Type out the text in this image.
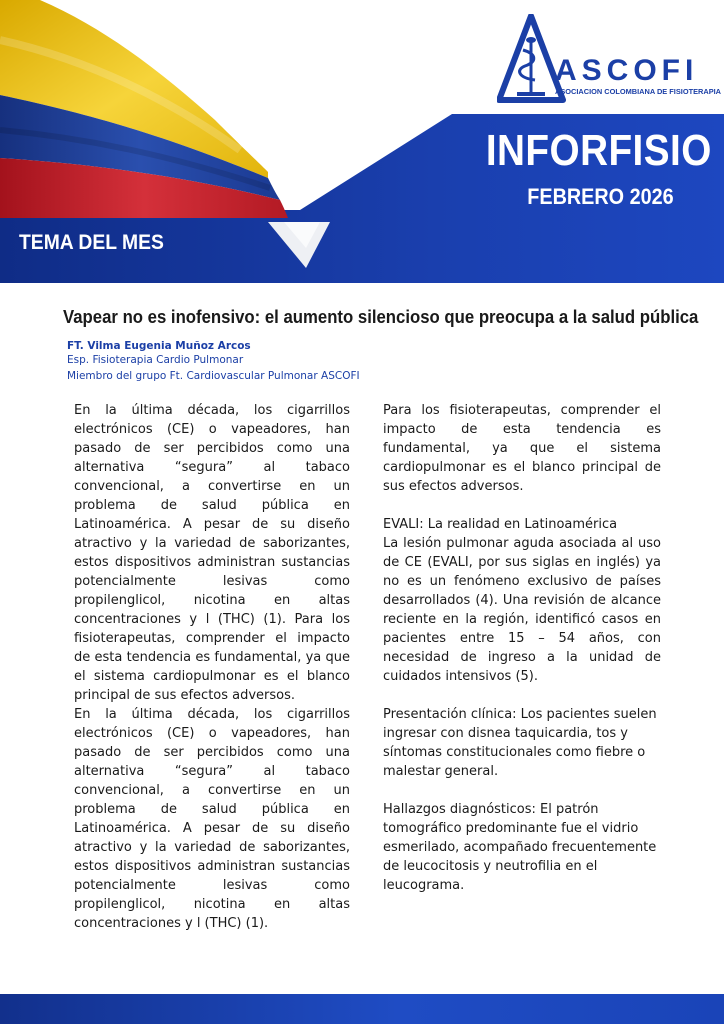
ASCOFI
ASOCIACION COLOMBIANA DE FISIOTERAPIA
INFORFISIO
FEBRERO 2026
TEMA DEL MES
Vapear no es inofensivo: el aumento silencioso que preocupa a la salud pública
FT. Vilma Eugenia Muñoz Arcos
Esp. Fisioterapia Cardio Pulmonar
Miembro del grupo Ft. Cardiovascular Pulmonar ASCOFI

En la última década, los cigarrillos electrónicos (CE) o vapeadores, han pasado de ser percibidos como una alternativa “segura” al tabaco convencional, a convertirse en un problema de salud pública en Latinoamérica. A pesar de su diseño atractivo y la variedad de saborizantes, estos dispositivos administran sustancias potencialmente lesivas como propilenglicol, nicotina en altas concentraciones y l (THC) (1). Para los fisioterapeutas, comprender el impacto de esta tendencia es fundamental, ya que el sistema cardiopulmonar es el blanco principal de sus efectos adversos.

En la última década, los cigarrillos electrónicos (CE) o vapeadores, han pasado de ser percibidos como una alternativa “segura” al tabaco convencional, a convertirse en un problema de salud pública en Latinoamérica. A pesar de su diseño atractivo y la variedad de saborizantes, estos dispositivos administran sustancias potencialmente lesivas como propilenglicol, nicotina en altas concentraciones y l (THC) (1).

Para los fisioterapeutas, comprender el impacto de esta tendencia es fundamental, ya que el sistema cardiopulmonar es el blanco principal de sus efectos adversos.

EVALI: La realidad en Latinoamérica

La lesión pulmonar aguda asociada al uso de CE (EVALI, por sus siglas en inglés) ya no es un fenómeno exclusivo de países desarrollados (4). Una revisión de alcance reciente en la región, identificó casos en pacientes entre 15 – 54 años, con necesidad de ingreso a la unidad de cuidados intensivos (5).

Presentación clínica: Los pacientes suelen ingresar con disnea taquicardia, tos y síntomas constitucionales como fiebre o malestar general.

Hallazgos diagnósticos: El patrón tomográfico predominante fue el vidrio esmerilado, acompañado frecuentemente de leucocitosis y neutrofilia en el leucograma.
